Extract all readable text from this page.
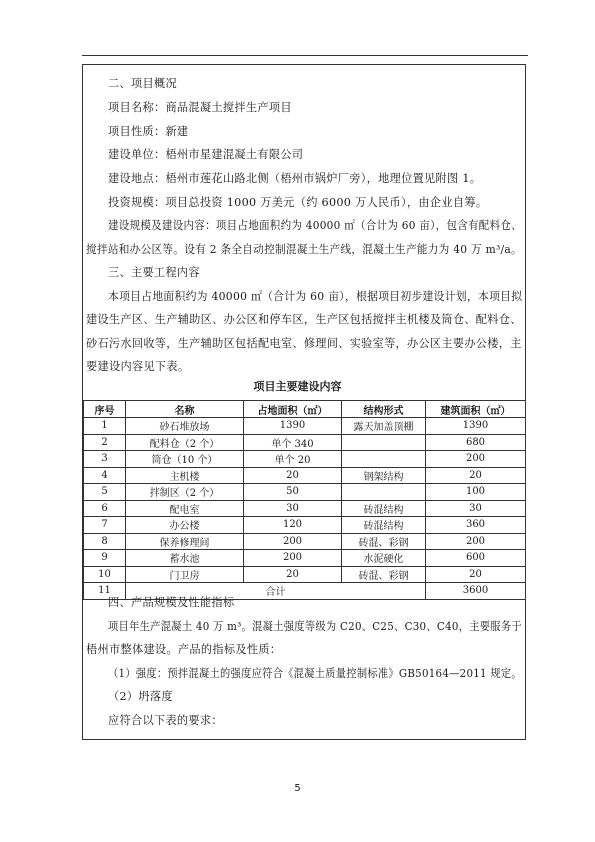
二、项目概况
项目名称：商品混凝土搅拌生产项目
项目性质：新建
建设单位：梧州市星建混凝土有限公司
建设地点：梧州市莲花山路北侧（梧州市锅炉厂旁），地理位置见附图 1。
投资规模：项目总投资 1000 万美元（约 6000 万人民币），由企业自筹。
建设规模及建设内容：项目占地面积约为 40000 ㎡（合计为 60 亩），包含有配料仓、
搅拌站和办公区等。设有 2 条全自动控制混凝土生产线，混凝土生产能力为 40 万 m³/a。
三、主要工程内容
本项目占地面积约为 40000 ㎡（合计为 60 亩），根据项目初步建设计划，本项目拟
建设生产区、生产辅助区、办公区和停车区，生产区包括搅拌主机楼及筒仓、配料仓、
砂石污水回收等，生产辅助区包括配电室、修理间、实验室等，办公区主要办公楼，主
要建设内容见下表。
项目主要建设内容
序号	名称	占地面积（㎡）	结构形式	建筑面积（㎡）
1	砂石堆放场	1390	露天加盖顶棚	1390
2	配料仓（2 个）	单个 340		680
3	筒仓（10 个）	单个 20		200
4	主机楼	20	钢架结构	20
5	拌制区（2 个）	50		100
6	配电室	30	砖混结构	30
7	办公楼	120	砖混结构	360
8	保养修理间	200	砖混、彩钢	200
9	蓄水池	200	水泥硬化	600
10	门卫房	20	砖混、彩钢	20
11	合计			3600
四、产品规模及性能指标
项目年生产混凝土 40 万 m³。混凝土强度等级为 C20、C25、C30、C40，主要服务于
梧州市整体建设。产品的指标及性质：
（1）强度：预拌混凝土的强度应符合《混凝土质量控制标准》GB50164—2011 规定。
（2）坍落度
应符合以下表的要求：
5
